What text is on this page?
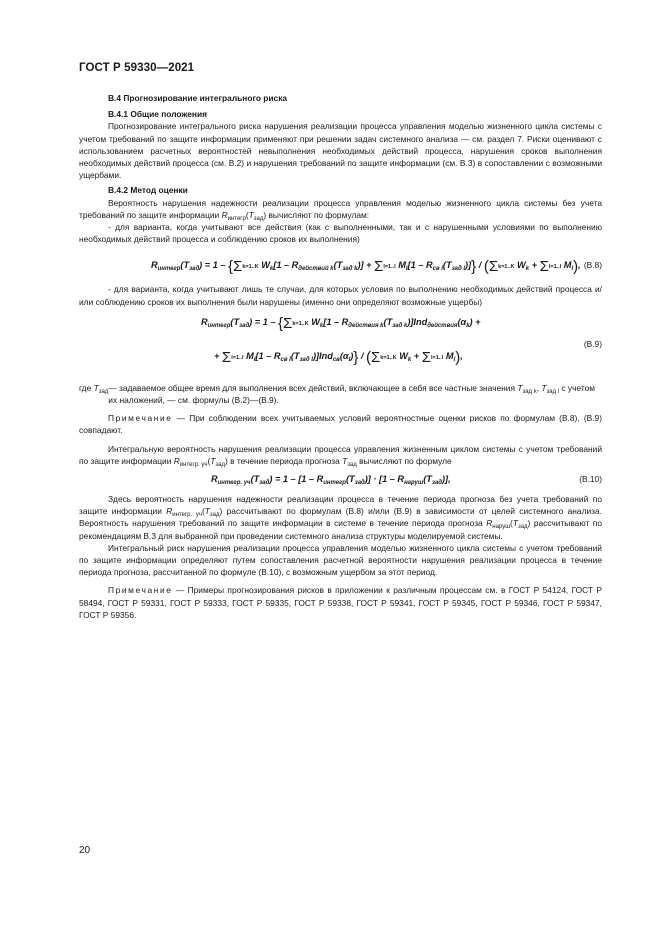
ГОСТ Р 59330—2021
В.4 Прогнозирование интегрального риска
В.4.1 Общие положения

Прогнозирование интегрального риска нарушения реализации процесса управления моделью жизненного цикла системы с учетом требований по защите информации применяют при решении задач системного анализа — см. раздел 7. Риски оценивают с использованием расчетных вероятностей невыполнения необходимых действий процесса, нарушения сроков выполнения необходимых действий процесса (см. В.2) и нарушения требований по защите информации (см. В.3) в сопоставлении с возможными ущербами.

В.4.2 Метод оценки

Вероятность нарушения надежности реализации процесса управления моделью жизненного цикла системы без учета требований по защите информации $R_{интегр}(T_{зад})$ вычисляют по формулам:

- для варианта, когда учитывают все действия (как с выполненными, так и с нарушенными условиями по выполнению необходимых действий процесса и соблюдению сроков их выполнения)

$R_{интегр}(T_{зад}) = 1 - \{\Sigma k=1..K$ $W_k[1 - R_{действий k}(T_{зад k})] + \Sigma l=1..l$ $M_l[1 - R_{св l}(T_{зад l})]\} / (\Sigma k=1..K$ $W_k + \Sigma l=1..l$ $M_l$), (В.8)

- для варианта, когда учитывают лишь те случаи, для которых условия по выполнению необходимых действий процесса и/или соблюдению сроков их выполнения были нарушены (именно они определяют возможные ущербы)

$R_{интегр}(T_{зад}) = 1 - \{\Sigma k=1..K$ $W_k[1 - R_{действия k}(T_{зад k})]Ind_{действия}(\alpha_k)$ +
+ Σl=1..l $M_l[1 - R_{св l}(T_{зад l})]Ind_{св}(\alpha_l)\} / (\Sigma k=1..K$ $W_k + \Sigma l=1..l$ $M_l$),
(В.9)
где $T_{зад}$ — задаваемое общее время для выполнения всех действий, включающее в себя все частные значения $T_{зад k}$, $T_{зад l}$ с учетом их наложений, — см. формулы (В.2)—(В.9).

Примечание — При соблюдении всех учитываемых условий вероятностные оценки рисков по формулам (В.8), (В.9) совпадают.

Интегральную вероятность нарушения реализации процесса управления жизненным циклом системы с учетом требований по защите информации $R_{интегр. уч}(T_{зад})$ в течение периода прогноза $T_{зад}$ вычисляют по формуле

$R_{интегр. уч}(T_{зад}) = 1 - [1 - R_{интегр}(T_{зад})] \cdot [1 - R_{наруш}(T_{зад})]$,	(В.10)

Здесь вероятность нарушения надежности реализации процесса в течение периода прогноза без учета требований по защите информации $R_{интегр. уч}(T_{зад})$ рассчитывают по формулам (В.8) и/или (В.9) в зависимости от целей системного анализа. Вероятность нарушения требований по защите информации в системе в течение периода прогноза $R_{наруш}(T_{зад})$ рассчитывают по рекомендациям В.3 для выбранной при проведении системного анализа структуры моделируемой системы.

Интегральный риск нарушения реализации процесса управления моделью жизненного цикла системы с учетом требований по защите информации определяют путем сопоставления расчетной вероятности нарушения реализации процесса в течение периода прогноза, рассчитанной по формуле (В.10), с возможным ущербом за этот период.

Примечание — Примеры прогнозирования рисков в приложении к различным процессам см. в ГОСТ Р 54124, ГОСТ Р 58494, ГОСТ Р 59331, ГОСТ Р 59333, ГОСТ Р 59335, ГОСТ Р 59338, ГОСТ Р 59341, ГОСТ Р 59345, ГОСТ Р 59346, ГОСТ Р 59347, ГОСТ Р 59356.

20
